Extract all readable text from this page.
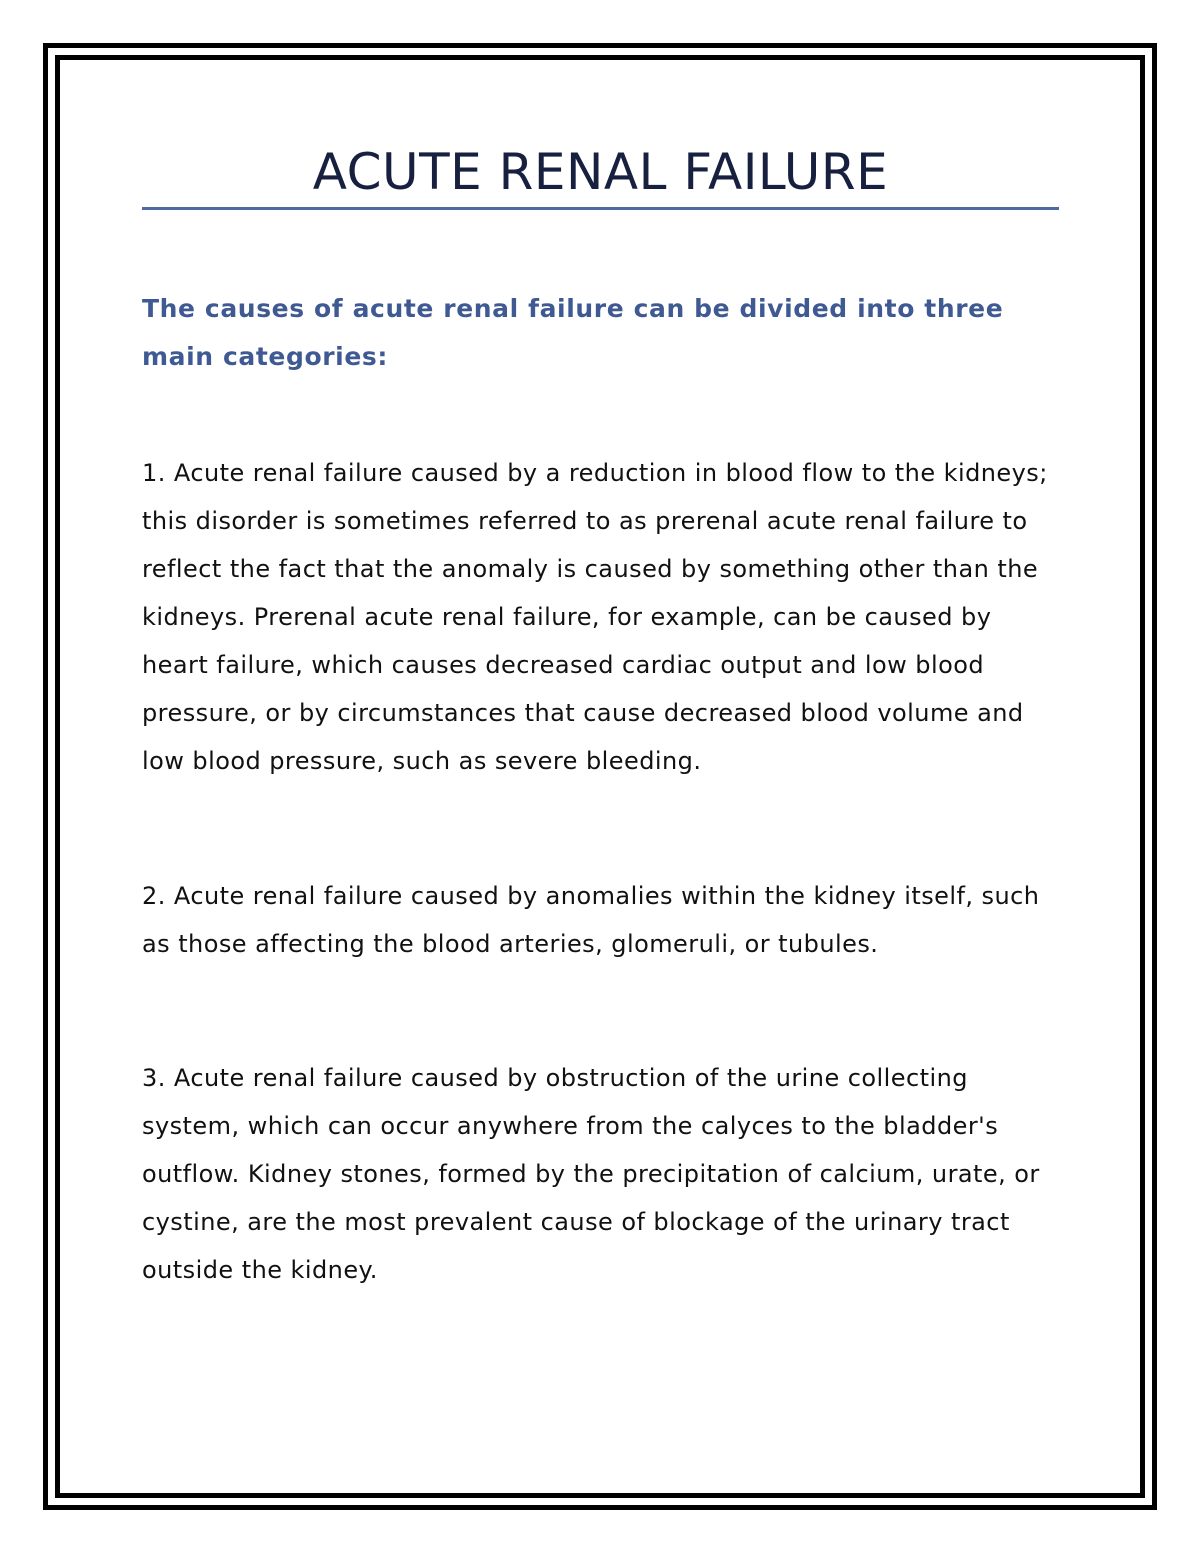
ACUTE RENAL FAILURE

The causes of acute renal failure can be divided into three main categories:

1. Acute renal failure caused by a reduction in blood flow to the kidneys; this disorder is sometimes referred to as prerenal acute renal failure to reflect the fact that the anomaly is caused by something other than the kidneys. Prerenal acute renal failure, for example, can be caused by heart failure, which causes decreased cardiac output and low blood pressure, or by circumstances that cause decreased blood volume and low blood pressure, such as severe bleeding.

2. Acute renal failure caused by anomalies within the kidney itself, such as those affecting the blood arteries, glomeruli, or tubules.

3. Acute renal failure caused by obstruction of the urine collecting system, which can occur anywhere from the calyces to the bladder's outflow. Kidney stones, formed by the precipitation of calcium, urate, or cystine, are the most prevalent cause of blockage of the urinary tract outside the kidney.
